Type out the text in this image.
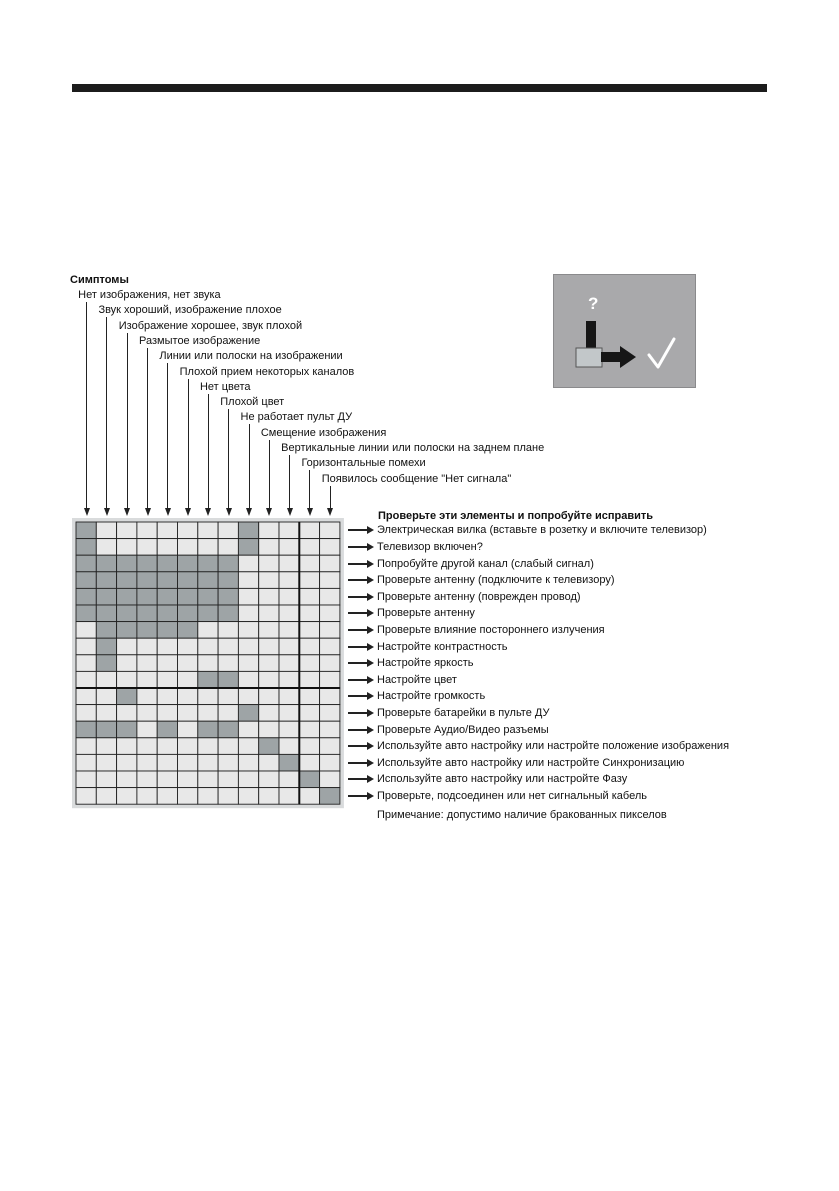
Симптомы
Нет изображения, нет звука
Звук хороший, изображение плохое
Изображение хорошее, звук плохой
Размытое изображение
Линии или полоски на изображении
Плохой прием некоторых каналов
Нет цвета
Плохой цвет
Не работает пульт ДУ
Смещение изображения
Вертикальные линии или полоски на заднем плане
Горизонтальные помехи
Появилось сообщение "Нет сигнала"
?
Проверьте эти элементы и попробуйте исправить
Электрическая вилка (вставьте в розетку и включите телевизор)
Телевизор включен?
Попробуйте другой канал (слабый сигнал)
Проверьте антенну (подключите к телевизору)
Проверьте антенну (поврежден провод)
Проверьте антенну
Проверьте влияние постороннего излучения
Настройте контрастность
Настройте яркость
Настройте цвет
Настройте громкость
Проверьте батарейки в пульте ДУ
Проверьте Аудио/Видео разъемы
Используйте авто настройку или настройте положение изображения
Используйте авто настройку или настройте Синхронизацию
Используйте авто настройку или настройте Фазу
Проверьте, подсоединен или нет сигнальный кабель
Примечание: допустимо наличие бракованных пикселов
